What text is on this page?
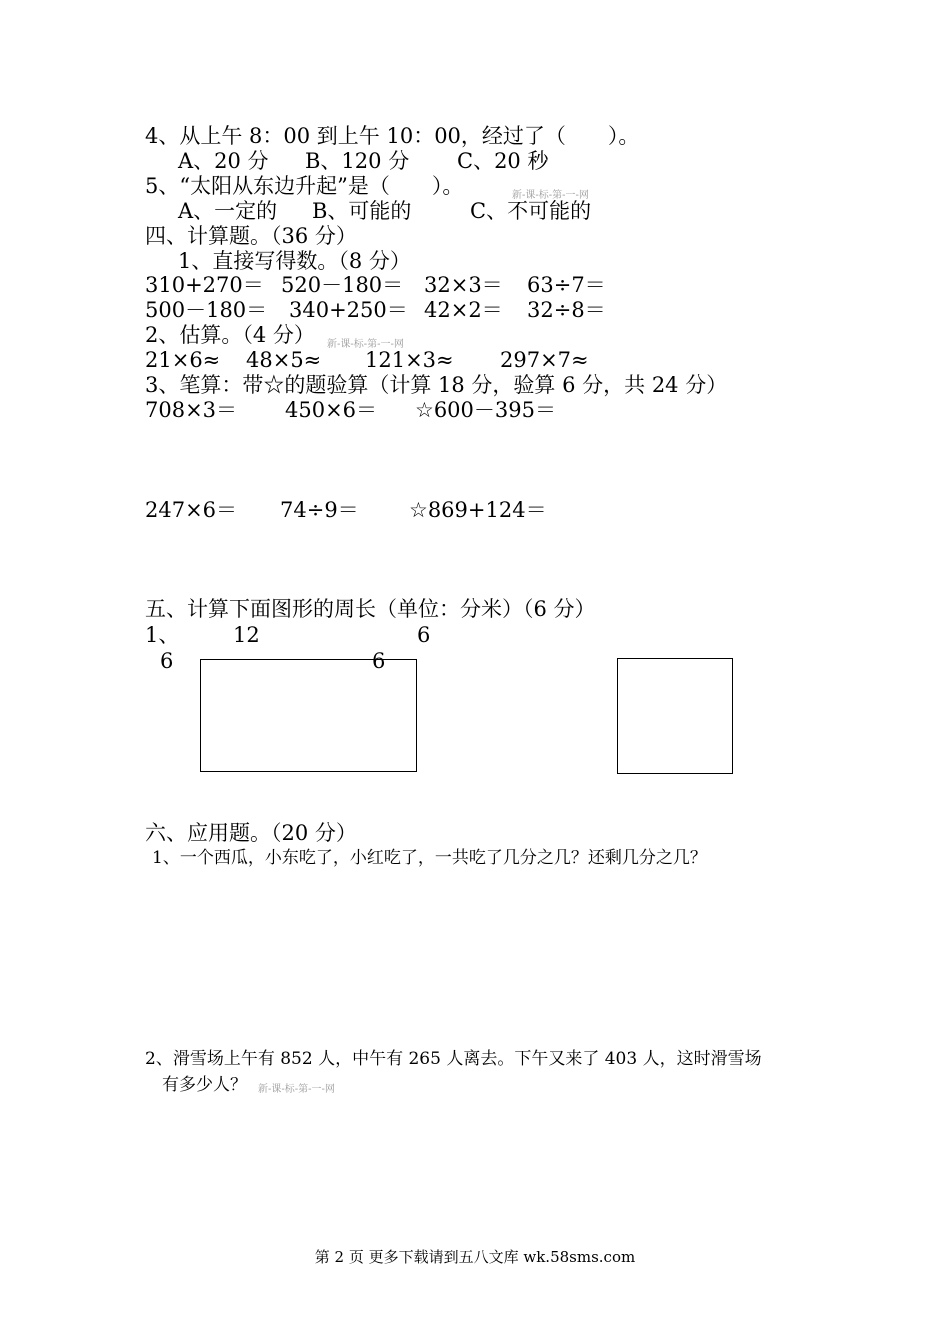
4、从上午 8：00 到上午 10：00，经过了（　　）。
A、20 分 B、120 分 C、20 秒
5、“太阳从东边升起”是（　　）。	新-课-标-第-一-网
A、一定的 B、可能的	C、不可能的
四、计算题。（36 分）
1、直接写得数。（8 分）
310+270＝ 520－180＝ 32×3＝ 63÷7＝
500－180＝ 340+250＝ 42×2＝ 32÷8＝
2、估算。（4 分） 新-课-标-第-一-网
21×6≈ 48×5≈ 121×3≈ 297×7≈
3、笔算：带☆的题验算（计算 18 分，验算 6 分，共 24 分）
708×3＝ 450×6＝ ☆600－395＝
247×6＝ 74÷9＝ ☆869+124＝
五、计算下面图形的周长（单位：分米）（6 分）
1、	12	6
6	6
六、应用题。（20 分）
1、一个西瓜，小东吃了，小红吃了，一共吃了几分之几？还剩几分之几？
2、滑雪场上午有 852 人，中午有 265 人离去。下午又来了 403 人，这时滑雪场
有多少人？ 新-课-标-第-一-网
第 2 页 更多下载请到五八文库 wk.58sms.com
